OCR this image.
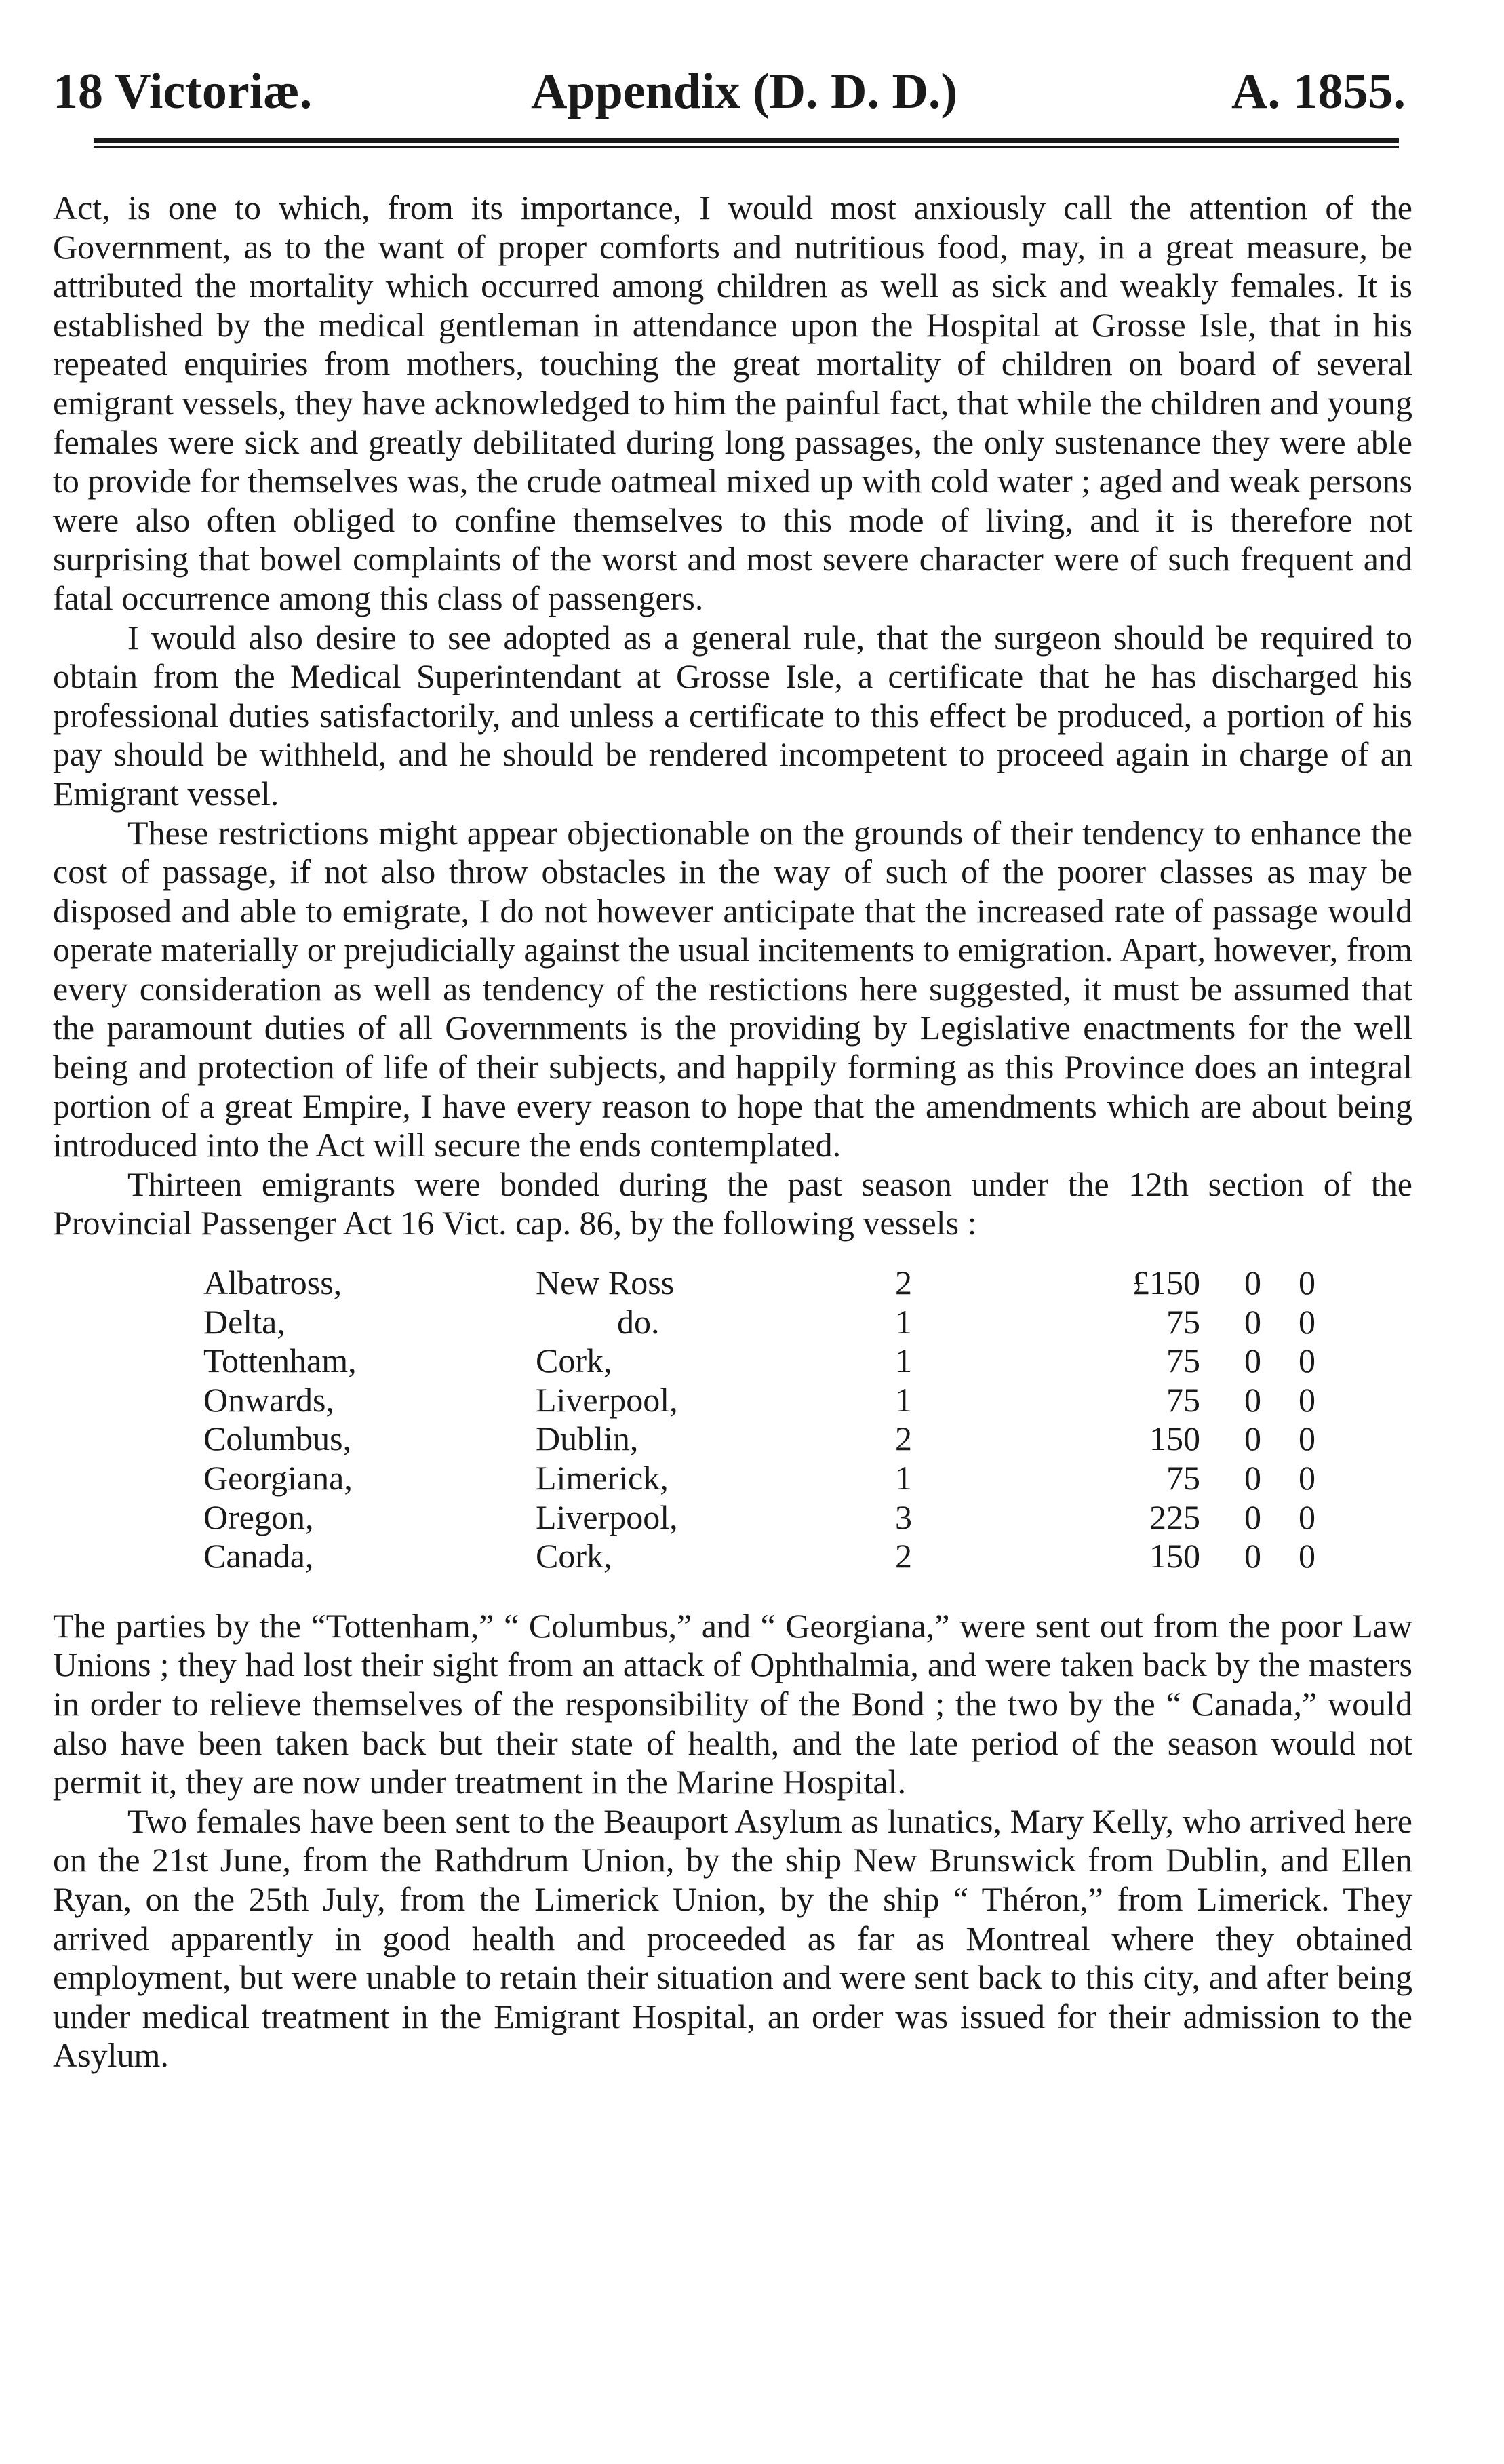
18 Victoriæ.	Appendix (D. D. D.)	A. 1855.

Act, is one to which, from its importance, I would most anxiously call the attention of the Government, as to the want of proper comforts and nutritious food, may, in a great measure, be attributed the mortality which occurred among children as well as sick and weakly females. It is established by the medical gentleman in attendance upon the Hospital at Grosse Isle, that in his repeated enquiries from mothers, touching the great mortality of children on board of several emigrant vessels, they have acknowledged to him the painful fact, that while the children and young females were sick and greatly debilitated during long passages, the only sustenance they were able to provide for themselves was, the crude oatmeal mixed up with cold water ; aged and weak persons were also often obliged to confine themselves to this mode of living, and it is therefore not surprising that bowel complaints of the worst and most severe character were of such frequent and fatal occurrence among this class of passengers.

I would also desire to see adopted as a general rule, that the surgeon should be required to obtain from the Medical Superintendant at Grosse Isle, a certificate that he has discharged his professional duties satisfactorily, and unless a certificate to this effect be produced, a portion of his pay should be withheld, and he should be rendered incompetent to proceed again in charge of an Emigrant vessel.

These restrictions might appear objectionable on the grounds of their tendency to enhance the cost of passage, if not also throw obstacles in the way of such of the poorer classes as may be disposed and able to emigrate, I do not however anticipate that the increased rate of passage would operate materially or prejudicially against the usual incitements to emigration. Apart, however, from every consideration as well as tendency of the restictions here suggested, it must be assumed that the paramount duties of all Governments is the providing by Legislative enactments for the well being and protection of life of their subjects, and happily forming as this Province does an integral portion of a great Empire, I have every reason to hope that the amendments which are about being introduced into the Act will secure the ends contemplated.

Thirteen emigrants were bonded during the past season under the 12th section of the Provincial Passenger Act 16 Vict. cap. 86, by the following vessels :

Albatross,	New Ross	2	£150	0	0
Delta,	do.	1	75	0	0
Tottenham,	Cork,	1	75	0	0
Onwards,	Liverpool,	1	75	0	0
Columbus,	Dublin,	2	150	0	0
Georgiana,	Limerick,	1	75	0	0
Oregon,	Liverpool,	3	225	0	0
Canada,	Cork,	2	150	0	0

The parties by the “Tottenham,” “ Columbus,” and “ Georgiana,” were sent out from the poor Law Unions ; they had lost their sight from an attack of Ophthalmia, and were taken back by the masters in order to relieve themselves of the responsibility of the Bond ; the two by the “ Canada,” would also have been taken back but their state of health, and the late period of the season would not permit it, they are now under treatment in the Marine Hospital.

Two females have been sent to the Beauport Asylum as lunatics, Mary Kelly, who arrived here on the 21st June, from the Rathdrum Union, by the ship New Brunswick from Dublin, and Ellen Ryan, on the 25th July, from the Limerick Union, by the ship “ Théron,” from Limerick. They arrived apparently in good health and proceeded as far as Montreal where they obtained employment, but were unable to retain their situation and were sent back to this city, and after being under medical treatment in the Emigrant Hospital, an order was issued for their admission to the Asylum.
